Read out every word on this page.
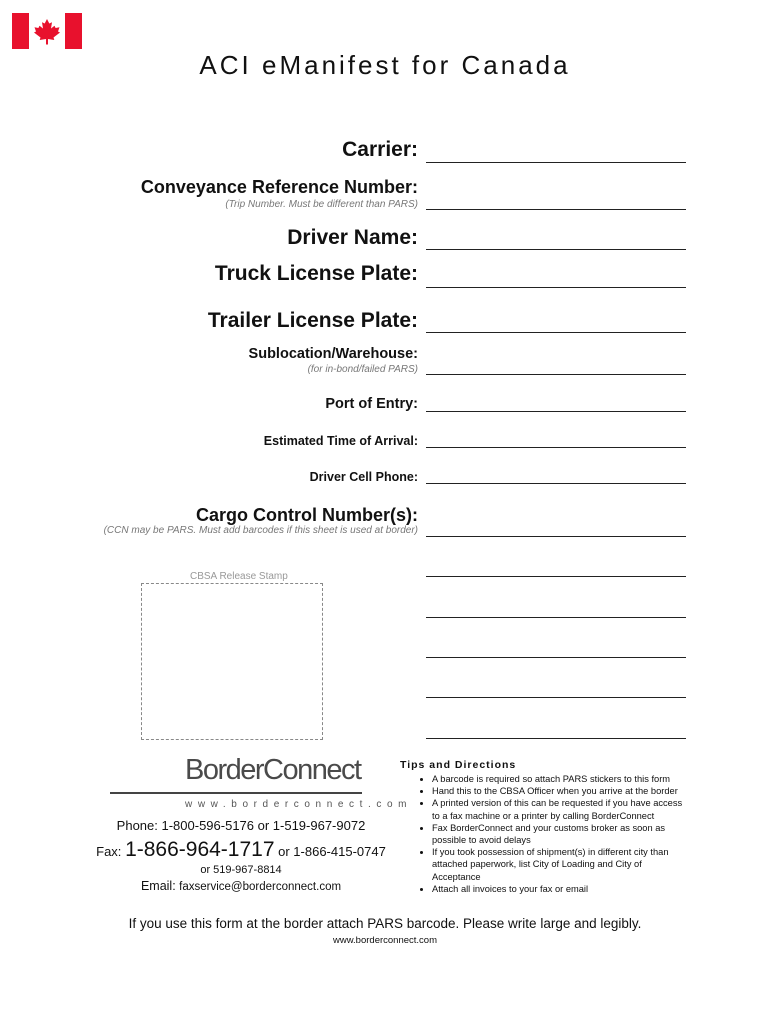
ACI eManifest for Canada
Carrier:
Conveyance Reference Number:
(Trip Number. Must be different than PARS)
Driver Name:
Truck License Plate:
Trailer License Plate:
Sublocation/Warehouse:
(for in-bond/failed PARS)
Port of Entry:
Estimated Time of Arrival:
Driver Cell Phone:
Cargo Control Number(s):
(CCN may be PARS. Must add barcodes if this sheet is used at border)
CBSA Release Stamp
BorderConnect
www.borderconnect.com
Phone: 1-800-596-5176 or 1-519-967-9072
Fax: 1-866-964-1717 or 1-866-415-0747
or 519-967-8814
Email: faxservice@borderconnect.com
Tips and Directions
• A barcode is required so attach PARS stickers to this form
• Hand this to the CBSA Officer when you arrive at the border
• A printed version of this can be requested if you have access to a fax machine or a printer by calling BorderConnect
• Fax BorderConnect and your customs broker as soon as possible to avoid delays
• If you took possession of shipment(s) in different city than attached paperwork, list City of Loading and City of Acceptance
• Attach all invoices to your fax or email
If you use this form at the border attach PARS barcode. Please write large and legibly.
www.borderconnect.com
